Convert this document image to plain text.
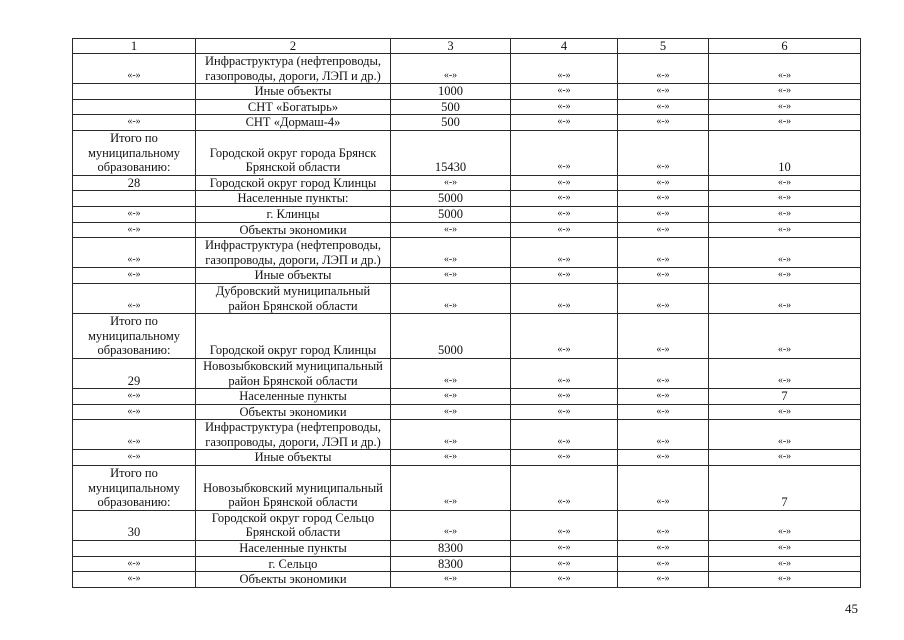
1	2	3	4	5	6
«-»	Инфраструктура (нефтепроводы,
газопроводы, дороги, ЛЭП и др.)	«-»	«-»	«-»	«-»
	Иные объекты	1000	«-»	«-»	«-»
	СНТ «Богатырь»	500	«-»	«-»	«-»
«-»	СНТ «Дормаш-4»	500	«-»	«-»	«-»
Итого по
муниципальному
образованию:	Городской округ города Брянск
Брянской области	15430	«-»	«-»	10
28	Городской округ город Клинцы	«-»	«-»	«-»	«-»
	Населенные пункты:	5000	«-»	«-»	«-»
«-»	г. Клинцы	5000	«-»	«-»	«-»
«-»	Объекты экономики	«-»	«-»	«-»	«-»
«-»	Инфраструктура (нефтепроводы,
газопроводы, дороги, ЛЭП и др.)	«-»	«-»	«-»	«-»
«-»	Иные объекты	«-»	«-»	«-»	«-»
«-»	Дубровский муниципальный
район Брянской области	«-»	«-»	«-»	«-»
Итого по
муниципальному
образованию:	Городской округ город Клинцы	5000	«-»	«-»	«-»
29	Новозыбковский муниципальный
район Брянской области	«-»	«-»	«-»	«-»
«-»	Населенные пункты	«-»	«-»	«-»	7
«-»	Объекты экономики	«-»	«-»	«-»	«-»
«-»	Инфраструктура (нефтепроводы,
газопроводы, дороги, ЛЭП и др.)	«-»	«-»	«-»	«-»
«-»	Иные объекты	«-»	«-»	«-»	«-»
Итого по
муниципальному
образованию:	Новозыбковский муниципальный
район Брянской области	«-»	«-»	«-»	7
30	Городской округ город Сельцо
Брянской области	«-»	«-»	«-»	«-»
	Населенные пункты	8300	«-»	«-»	«-»
«-»	г. Сельцо	8300	«-»	«-»	«-»
«-»	Объекты экономики	«-»	«-»	«-»	«-»
45
